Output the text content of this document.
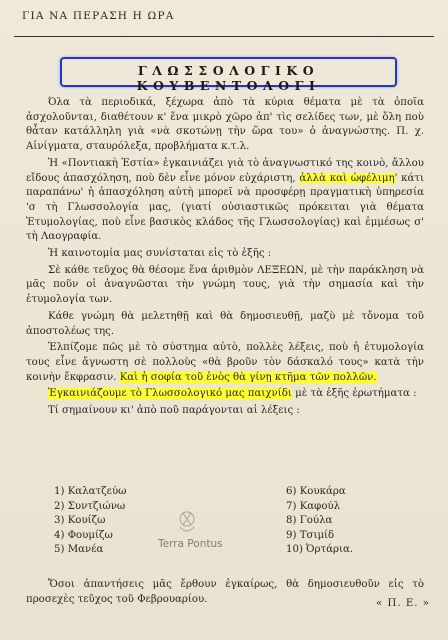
ΓΙΑ ΝΑ ΠΕΡΑΣΗ Η ΩΡΑ
ΓΛΩΣΣΟΛΟΓΙΚΟ ΚΟΥΒΕΝΤΟΛΟΓΙ

Όλα τὰ περιοδικά, ξέχωρα ἀπὸ τὰ κύρια θέματα μὲ τὰ ὁποῖα ἀσχολοῦνται, διαθέτουν κ' ἕνα μικρὸ χῶρο ἀπ' τὶς σελίδες των, μὲ ὅλη ποὺ θἆταν κατάλληλη γιὰ «νὰ σκοτώνῃ τὴν ὥρα του» ὁ ἀναγνώστης. Π. χ. Αἰνίγματα, σταυρόλεξα, προβλήματα κ.τ.λ.

Ἡ «Ποντιακὴ Ἑστία» ἐγκαινιάζει γιὰ τὸ ἀναγνωστικό της κοινὸ, ἄλλου εἴδους ἀπασχόληση, ποὺ δὲν εἶνε μόνον εὐχάριστη, ἀλλὰ καὶ ὠφέλιμη' κάτι παραπάνω' ἡ ἀπασχόληση αὐτὴ μπορεῖ νὰ προσφέρῃ πραγματικὴ ὑπηρεσία 'σ τὴ Γλωσσολογία μας, (γιατί οὐσιαστικῶς πρόκειται γιὰ θέματα Ἐτυμολογίας, ποὺ εἶνε βασικὸς κλάδος τῆς Γλωσσολογίας) καὶ ἐμμέσως σ' τὴ Λαογραφία.

Ἡ καινοτομία μας συνίσταται εἰς τὸ ἑξῆς :

Σὲ κάθε τεῦχος θὰ θέσομε ἕνα ἀριθμὸν ΛΕΞΕΩΝ, μὲ τὴν παράκληση νὰ μᾶς ποῦν οἱ ἀναγνῶσται τὴν γνώμη τους, γιὰ τὴν σημασία καὶ τὴν ἐτυμολογία των.

Κάθε γνώμη θὰ μελετηθῇ καὶ θὰ δημοσιευθῇ, μαζὺ μὲ τὄνομα τοῦ ἀποστολέως της.

Ἐλπίζομε πῶς μὲ τὸ σύστημα αὐτὸ, πολλὲς λέξεις, ποὺ ἡ ἐτυμολογία τους εἶνε ἄγνωστη σὲ πολλοὺς «θὰ βροῦν τὸν δάσκαλό τους» κατὰ τὴν κοινὴν ἔκφρασιν. Καὶ ἡ σοφία τοῦ ἑνὸς θὰ γίνῃ κτῆμα τῶν πολλῶν.

Ἐγκαινιάζουμε τὸ Γλωσσολογικό μας παιχνίδι μὲ τὰ ἑξῆς ἐρωτήματα :

Τί σημαίνουν κι' ἀπὸ ποῦ παράγονται αἱ λέξεις :

1) Καλατζεύω
2) Συντζιώνω
3) Κουίζω
4) Φουμίζω
5) Μανέα
6) Κουκάρα
7) Καφούλ
8) Γούλα
9) Τσιμίδ
10) Ὀρτάρια.
Terra Pontus

Ὅσοι ἀπαντήσεις μᾶς ἔρθουν ἐγκαίρως, θὰ δημοσιευθοῦν εἰς τὸ προσεχὲς τεῦχος τοῦ Φεβρουαρίου.	« Π. Ε. »
